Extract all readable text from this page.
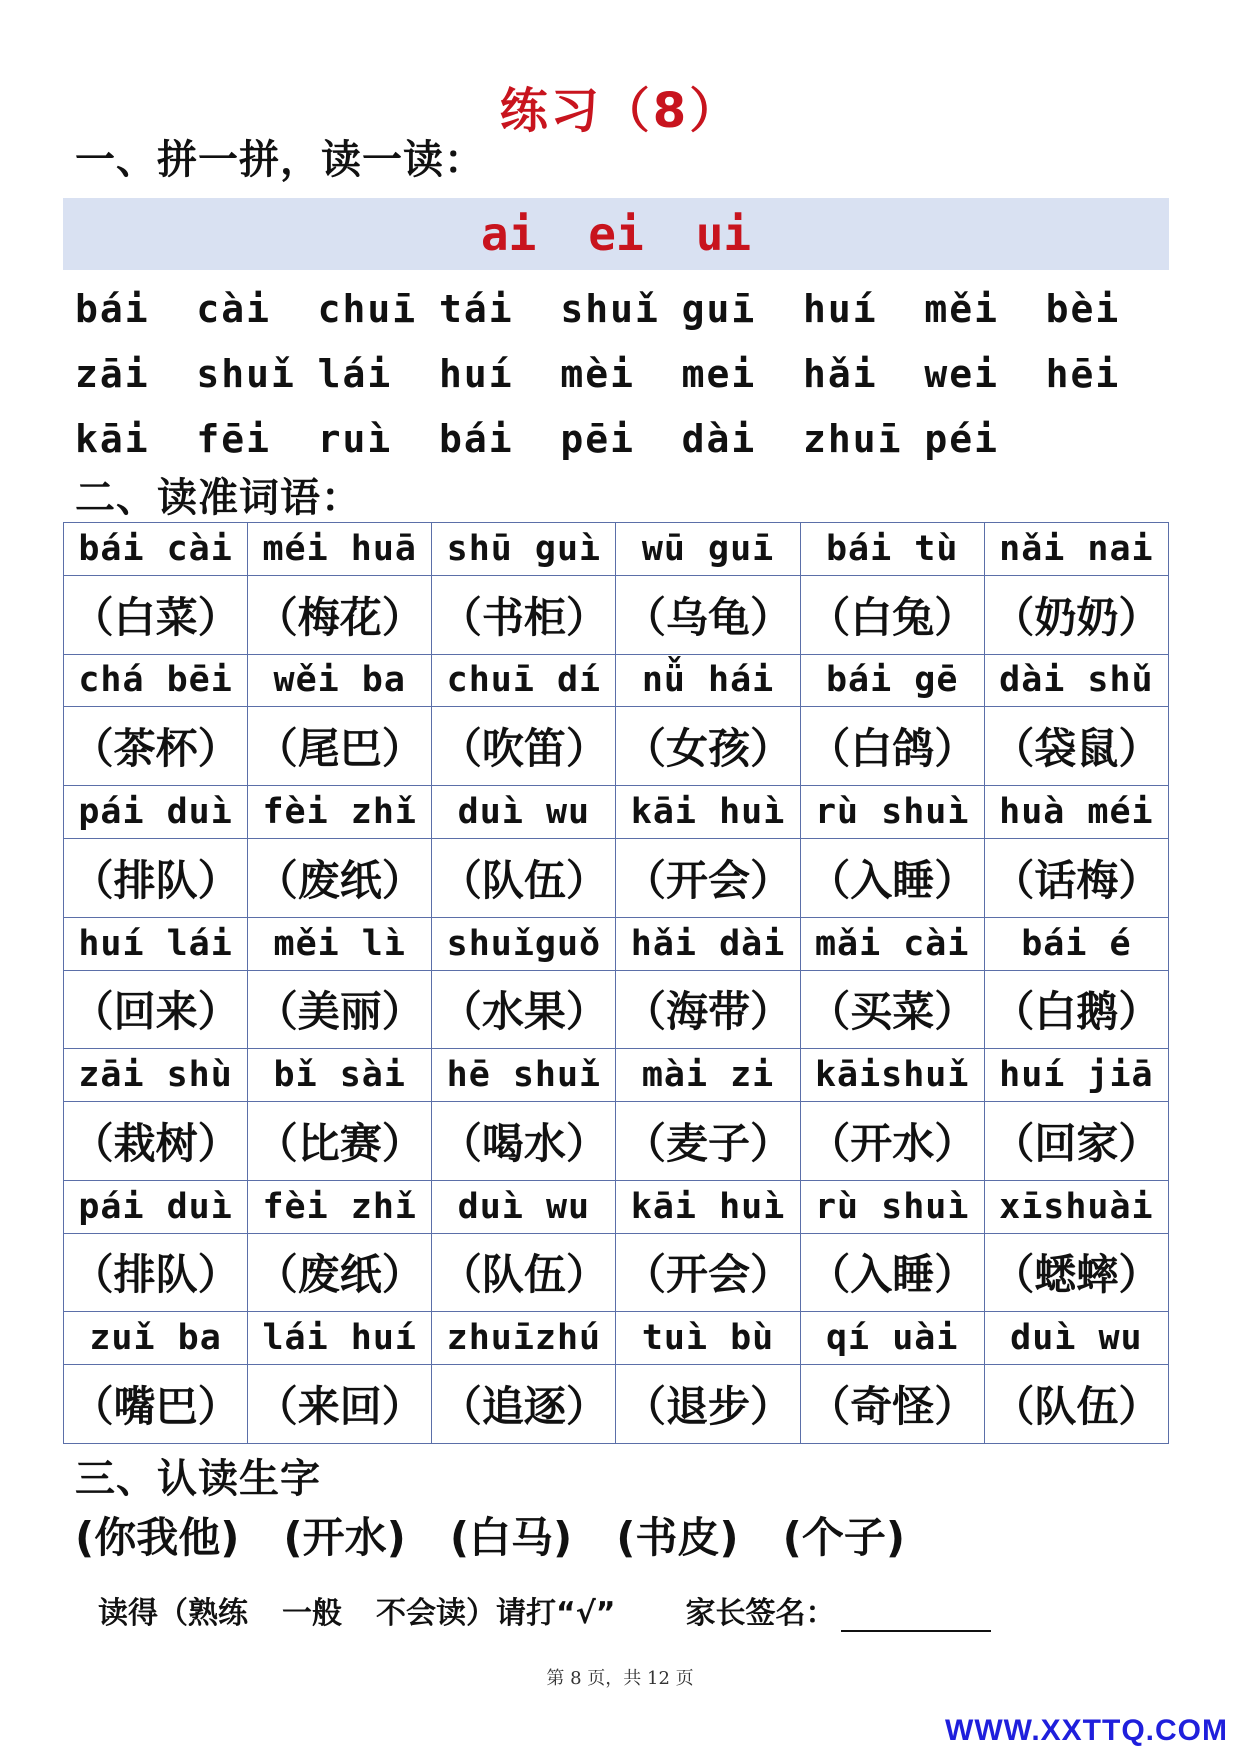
练习（8）
一、拼一拼，读一读：
ai ei ui
bái	cài	chuī tái	shuǐ guī	huí	měi	bèi
zāi	shuǐ lái	huí	mèi	mei	hǎi	wei	hēi
kāi	fēi	ruì	bái	pēi	dài	zhuī péi
二、读准词语：
bái cài	méi huā	shū guì	wū guī	bái tù	nǎi nai
（白菜）	（梅花）	（书柜）	（乌龟）	（白兔）	（奶奶）
chá bēi	wěi ba	chuī dí	nǚ hái	bái gē	dài shǔ
（茶杯）	（尾巴）	（吹笛）	（女孩）	（白鸽）	（袋鼠）
pái duì	fèi zhǐ	duì wu	kāi huì	rù shuì	huà méi
（排队）	（废纸）	（队伍）	（开会）	（入睡）	（话梅）
huí lái	měi lì	shuǐguǒ	hǎi dài	mǎi cài	bái é
（回来）	（美丽）	（水果）	（海带）	（买菜）	（白鹅）
zāi shù	bǐ sài	hē shuǐ	mài zi	kāishuǐ	huí jiā
（栽树）	（比赛）	（喝水）	（麦子）	（开水）	（回家）
pái duì	fèi zhǐ	duì wu	kāi huì	rù shuì	xīshuài
（排队）	（废纸）	（队伍）	（开会）	（入睡）	（蟋蟀）
zuǐ ba	lái huí	zhuīzhú	tuì bù	qí uài	duì wu
（嘴巴）	（来回）	（追逐）	（退步）	（奇怪）	（队伍）
三、认读生字
(你我他) (开水) (白马) (书皮) (个子)
读得（熟练 一般 不会读）请打“√” 家长签名：
第 8 页，共 12 页
WWW.XXTTQ.COM
